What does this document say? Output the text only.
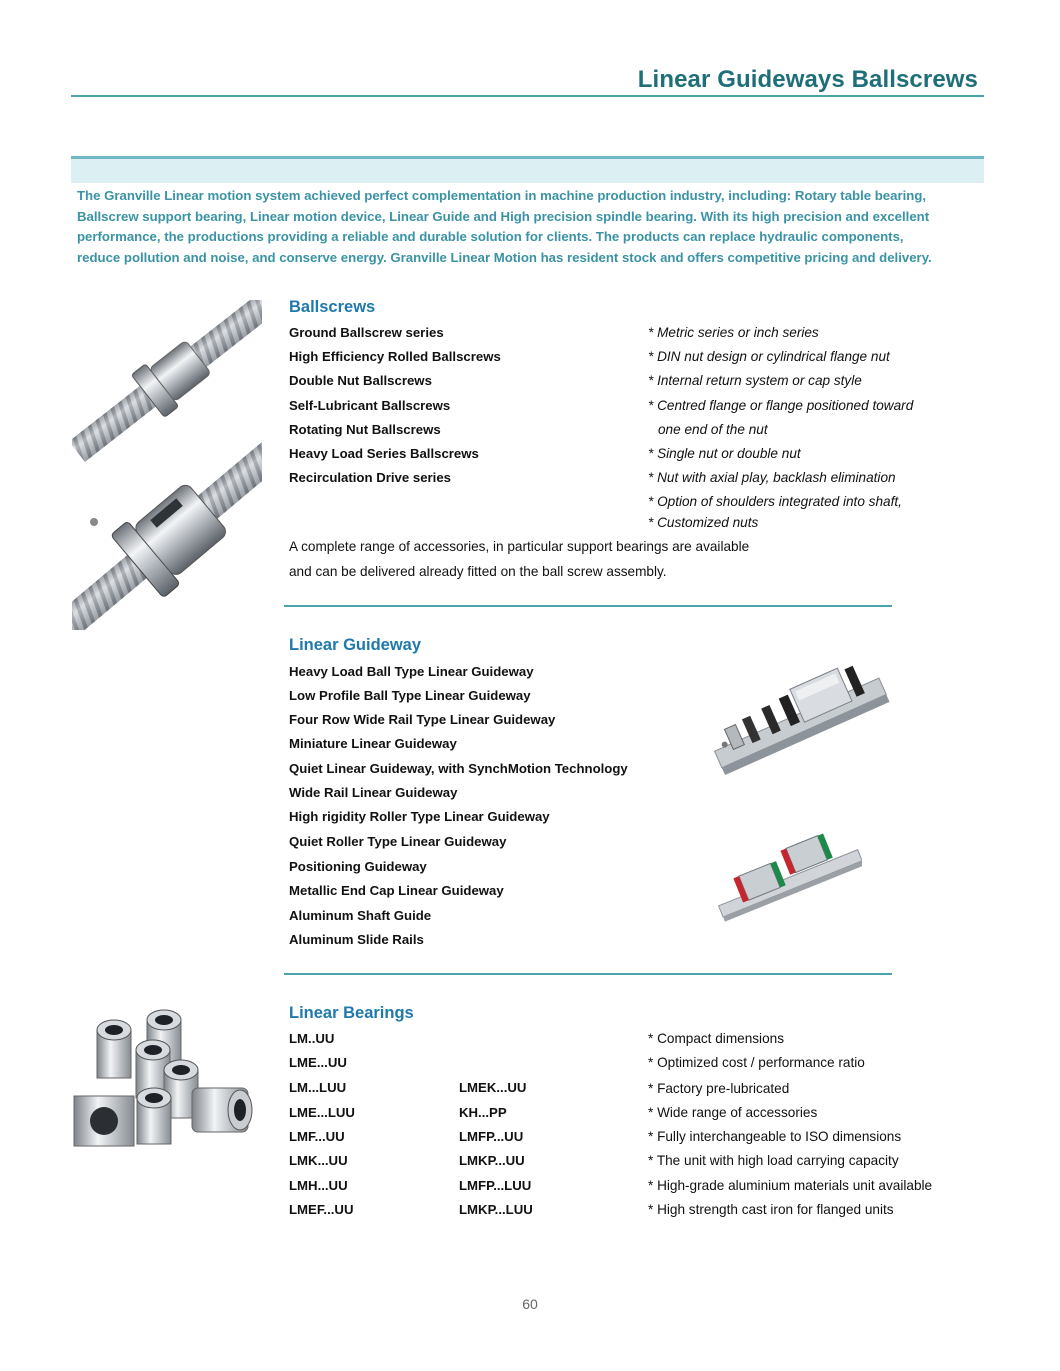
Linear Guideways Ballscrews
The Granville Linear motion system achieved perfect complementation in machine production industry, including: Rotary table bearing,
Ballscrew support bearing, Linear motion device, Linear Guide and High precision spindle bearing. With its high precision and excellent
performance, the productions providing a reliable and durable solution for clients. The products can replace hydraulic components,
reduce pollution and noise, and conserve energy. Granville Linear Motion has resident stock and offers competitive pricing and delivery.
Ballscrews
Ground Ballscrew series
High Efficiency Rolled Ballscrews
Double Nut Ballscrews
Self-Lubricant Ballscrews
Rotating Nut Ballscrews
Heavy Load Series Ballscrews
Recirculation Drive series
* Metric series or inch series
* DIN nut design or cylindrical flange nut
* Internal return system or cap style
* Centred flange or flange positioned toward
one end of the nut
* Single nut or double nut
* Nut with axial play, backlash elimination
* Option of shoulders integrated into shaft,
* Customized nuts
A complete range of accessories, in particular support bearings are available
and can be delivered already fitted on the ball screw assembly.
Linear Guideway
Heavy Load Ball Type Linear Guideway
Low Profile Ball Type Linear Guideway
Four Row Wide Rail Type Linear Guideway
Miniature Linear Guideway
Quiet Linear Guideway, with SynchMotion Technology
Wide Rail Linear Guideway
High rigidity Roller Type Linear Guideway
Quiet Roller Type Linear Guideway
Positioning Guideway
Metallic End Cap Linear Guideway
Aluminum Shaft Guide
Aluminum Slide Rails
Linear Bearings
LM..UU
LME...UU
LM...LUU
LME...LUU
LMF...UU
LMK...UU
LMH...UU
LMEF...UU
LMEK...UU
KH...PP
LMFP...UU
LMKP...UU
LMFP...LUU
LMKP...LUU
* Compact dimensions
* Optimized cost / performance ratio
* Factory pre-lubricated
* Wide range of accessories
* Fully interchangeable to ISO dimensions
* The unit with high load carrying capacity
* High-grade aluminium materials unit available
* High strength cast iron for flanged units
60
